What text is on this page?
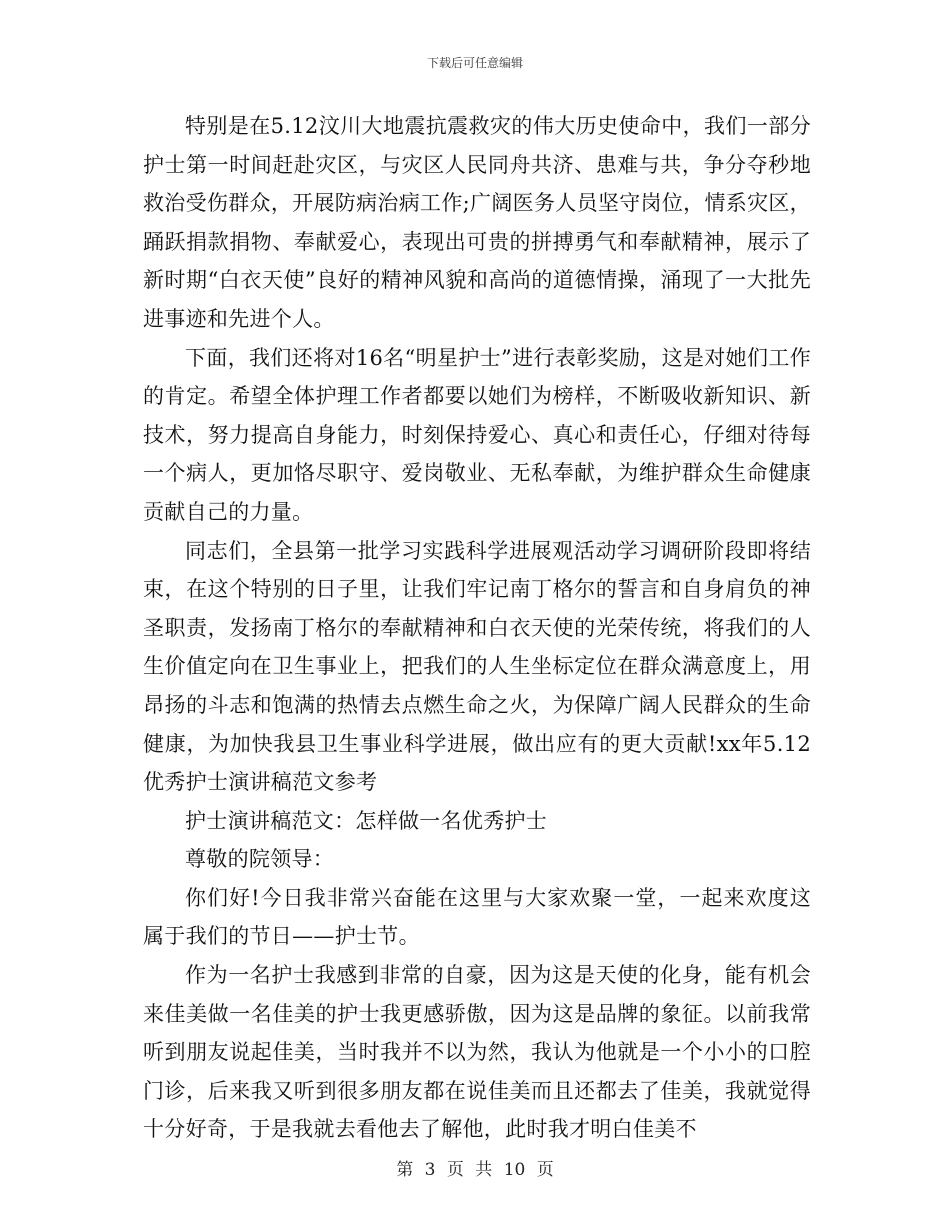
下载后可任意编辑

特别是在5.12汶川大地震抗震救灾的伟大历史使命中，我们一部分护士第一时间赶赴灾区，与灾区人民同舟共济、患难与共，争分夺秒地救治受伤群众，开展防病治病工作;广阔医务人员坚守岗位，情系灾区，踊跃捐款捐物、奉献爱心，表现出可贵的拼搏勇气和奉献精神，展示了新时期“白衣天使”良好的精神风貌和高尚的道德情操，涌现了一大批先进事迹和先进个人。

下面，我们还将对16名“明星护士”进行表彰奖励，这是对她们工作的肯定。希望全体护理工作者都要以她们为榜样，不断吸收新知识、新技术，努力提高自身能力，时刻保持爱心、真心和责任心，仔细对待每一个病人，更加恪尽职守、爱岗敬业、无私奉献，为维护群众生命健康贡献自己的力量。

同志们，全县第一批学习实践科学进展观活动学习调研阶段即将结束，在这个特别的日子里，让我们牢记南丁格尔的誓言和自身肩负的神圣职责，发扬南丁格尔的奉献精神和白衣天使的光荣传统，将我们的人生价值定向在卫生事业上，把我们的人生坐标定位在群众满意度上，用昂扬的斗志和饱满的热情去点燃生命之火，为保障广阔人民群众的生命健康，为加快我县卫生事业科学进展，做出应有的更大贡献!xx年5.12优秀护士演讲稿范文参考

护士演讲稿范文：怎样做一名优秀护士

尊敬的院领导：

你们好!今日我非常兴奋能在这里与大家欢聚一堂，一起来欢度这属于我们的节日——护士节。

作为一名护士我感到非常的自豪，因为这是天使的化身，能有机会来佳美做一名佳美的护士我更感骄傲，因为这是品牌的象征。以前我常听到朋友说起佳美，当时我并不以为然，我认为他就是一个小小的口腔门诊，后来我又听到很多朋友都在说佳美而且还都去了佳美，我就觉得十分好奇，于是我就去看他去了解他，此时我才明白佳美不

第 3 页 共 10 页
